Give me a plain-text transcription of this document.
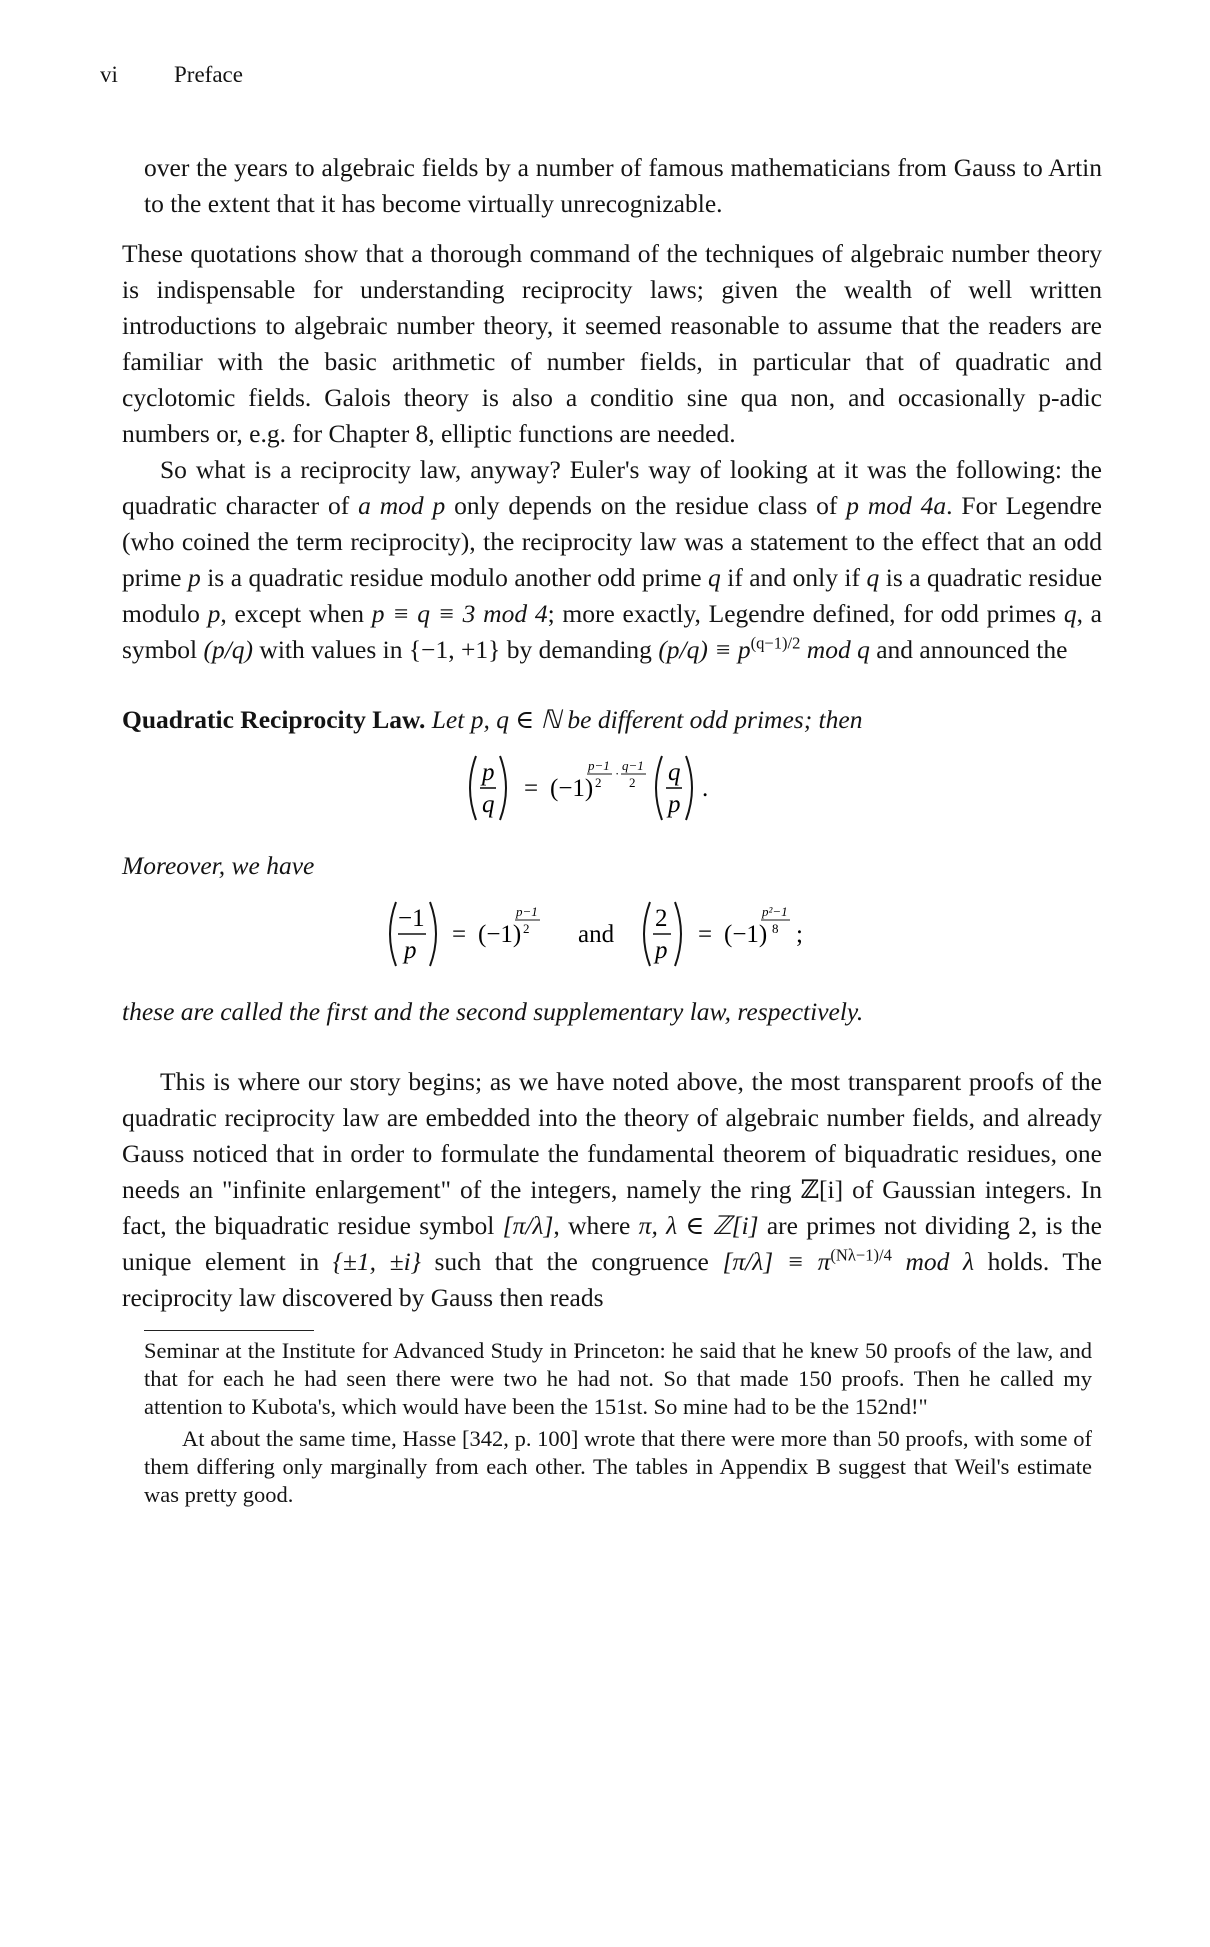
vi Preface

over the years to algebraic fields by a number of famous mathematicians from Gauss to Artin to the extent that it has become virtually unrecognizable.

These quotations show that a thorough command of the techniques of algebraic number theory is indispensable for understanding reciprocity laws; given the wealth of well written introductions to algebraic number theory, it seemed reasonable to assume that the readers are familiar with the basic arithmetic of number fields, in particular that of quadratic and cyclotomic fields. Galois theory is also a conditio sine qua non, and occasionally p-adic numbers or, e.g. for Chapter 8, elliptic functions are needed.

So what is a reciprocity law, anyway? Euler's way of looking at it was the following: the quadratic character of a mod p only depends on the residue class of p mod 4a. For Legendre (who coined the term reciprocity), the reciprocity law was a statement to the effect that an odd prime p is a quadratic residue modulo another odd prime q if and only if q is a quadratic residue modulo p, except when p ≡ q ≡ 3 mod 4; more exactly, Legendre defined, for odd primes q, a symbol (p/q) with values in {−1, +1} by demanding $(p/q) \equiv p^{(q-1)/2}$ mod q and announced the

Quadratic Reciprocity Law. Let p, q ∈ ℕ be different odd primes; then

p
q
= (−1)
p−1
2
·
q−1
2 q
p
.

Moreover, we have

−1
p
= (−1)
p−1
2 and
2
p
= (−1)
p²−1
8 ;

these are called the first and the second supplementary law, respectively.

This is where our story begins; as we have noted above, the most transparent proofs of the quadratic reciprocity law are embedded into the theory of algebraic number fields, and already Gauss noticed that in order to formulate the fundamental theorem of biquadratic residues, one needs an "infinite enlargement" of the integers, namely the ring ℤ[i] of Gaussian integers. In fact, the biquadratic residue symbol [π/λ], where π, λ ∈ ℤ[i] are primes not dividing 2, is the unique element in {±1, ±i} such that the congruence $[\pi/\lambda] \equiv \pi^{(N\lambda-1)/4}$ mod λ holds. The reciprocity law discovered by Gauss then reads

Seminar at the Institute for Advanced Study in Princeton: he said that he knew 50 proofs of the law, and that for each he had seen there were two he had not. So that made 150 proofs. Then he called my attention to Kubota's, which would have been the 151st. So mine had to be the 152nd!"

At about the same time, Hasse [342, p. 100] wrote that there were more than 50 proofs, with some of them differing only marginally from each other. The tables in Appendix B suggest that Weil's estimate was pretty good.
